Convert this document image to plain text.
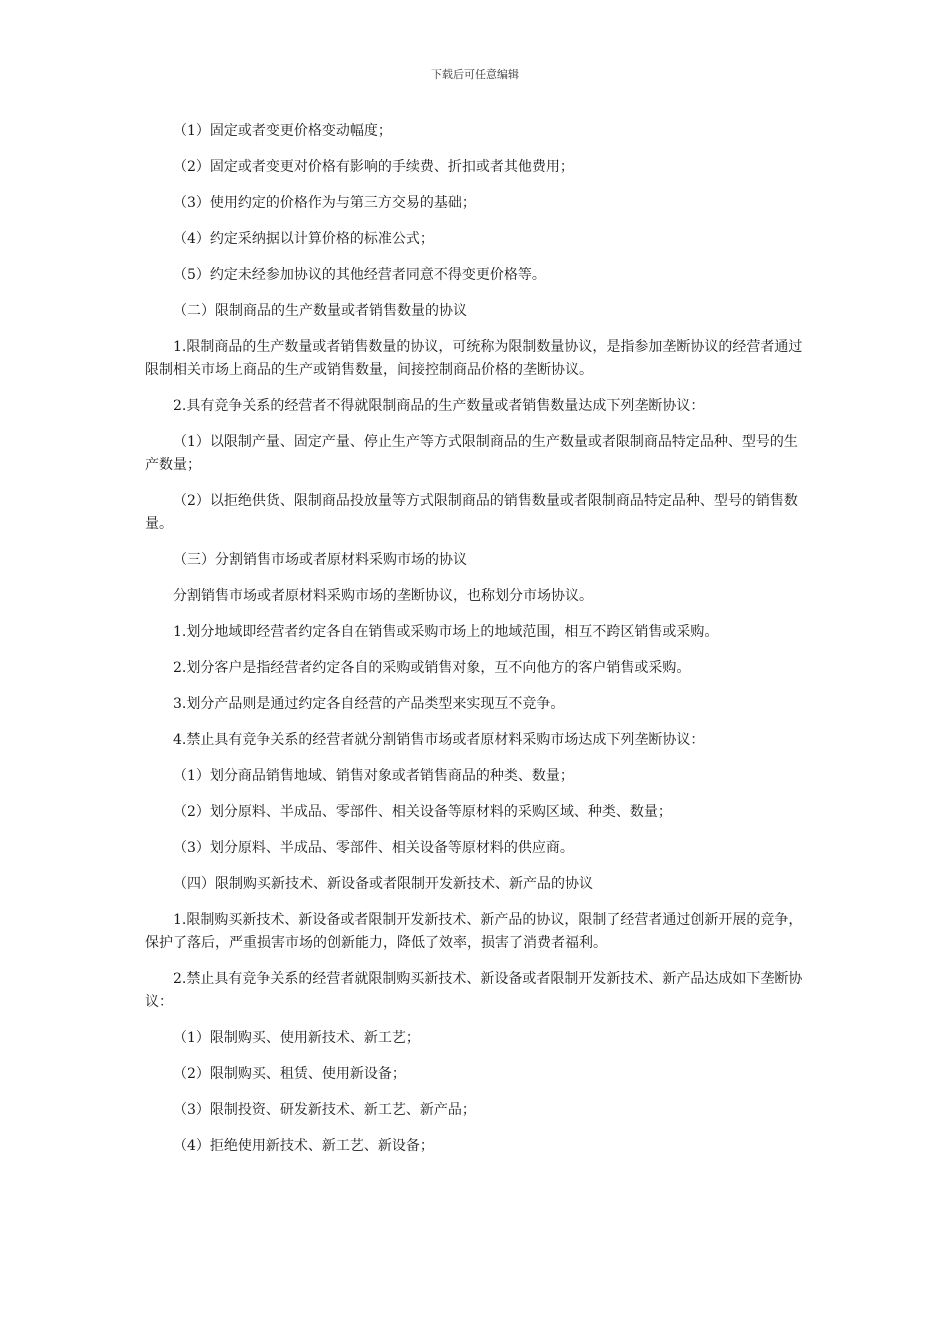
下载后可任意编辑

（1）固定或者变更价格变动幅度；

（2）固定或者变更对价格有影响的手续费、折扣或者其他费用；

（3）使用约定的价格作为与第三方交易的基础；

（4）约定采纳据以计算价格的标准公式；

（5）约定未经参加协议的其他经营者同意不得变更价格等。

（二）限制商品的生产数量或者销售数量的协议

1.限制商品的生产数量或者销售数量的协议，可统称为限制数量协议，是指参加垄断协议的经营者通过限制相关市场上商品的生产或销售数量，间接控制商品价格的垄断协议。

2.具有竞争关系的经营者不得就限制商品的生产数量或者销售数量达成下列垄断协议：

（1）以限制产量、固定产量、停止生产等方式限制商品的生产数量或者限制商品特定品种、型号的生产数量；

（2）以拒绝供货、限制商品投放量等方式限制商品的销售数量或者限制商品特定品种、型号的销售数量。

（三）分割销售市场或者原材料采购市场的协议

分割销售市场或者原材料采购市场的垄断协议，也称划分市场协议。

1.划分地域即经营者约定各自在销售或采购市场上的地域范围，相互不跨区销售或采购。

2.划分客户是指经营者约定各自的采购或销售对象，互不向他方的客户销售或采购。

3.划分产品则是通过约定各自经营的产品类型来实现互不竞争。

4.禁止具有竞争关系的经营者就分割销售市场或者原材料采购市场达成下列垄断协议：

（1）划分商品销售地域、销售对象或者销售商品的种类、数量；

（2）划分原料、半成品、零部件、相关设备等原材料的采购区域、种类、数量；

（3）划分原料、半成品、零部件、相关设备等原材料的供应商。

（四）限制购买新技术、新设备或者限制开发新技术、新产品的协议

1.限制购买新技术、新设备或者限制开发新技术、新产品的协议，限制了经营者通过创新开展的竞争，保护了落后，严重损害市场的创新能力，降低了效率，损害了消费者福利。

2.禁止具有竞争关系的经营者就限制购买新技术、新设备或者限制开发新技术、新产品达成如下垄断协议：

（1）限制购买、使用新技术、新工艺；

（2）限制购买、租赁、使用新设备；

（3）限制投资、研发新技术、新工艺、新产品；

（4）拒绝使用新技术、新工艺、新设备；
